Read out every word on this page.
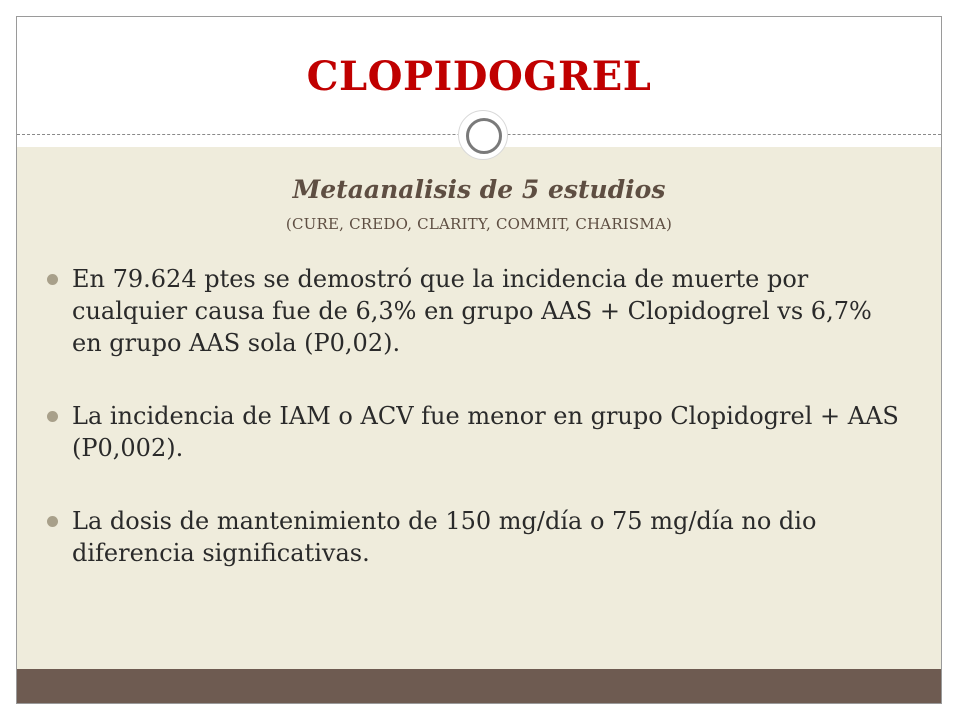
CLOPIDOGREL
Metaanalisis de 5 estudios
(CURE, CREDO, CLARITY, COMMIT, CHARISMA)
En 79.624 ptes se demostró que la incidencia de muerte por cualquier causa fue de 6,3% en grupo AAS + Clopidogrel vs 6,7% en grupo AAS sola (P0,02).
La incidencia de IAM o ACV fue menor en grupo Clopidogrel + AAS (P0,002).
La dosis de mantenimiento de 150 mg/día o 75 mg/día no dio diferencia significativas.
